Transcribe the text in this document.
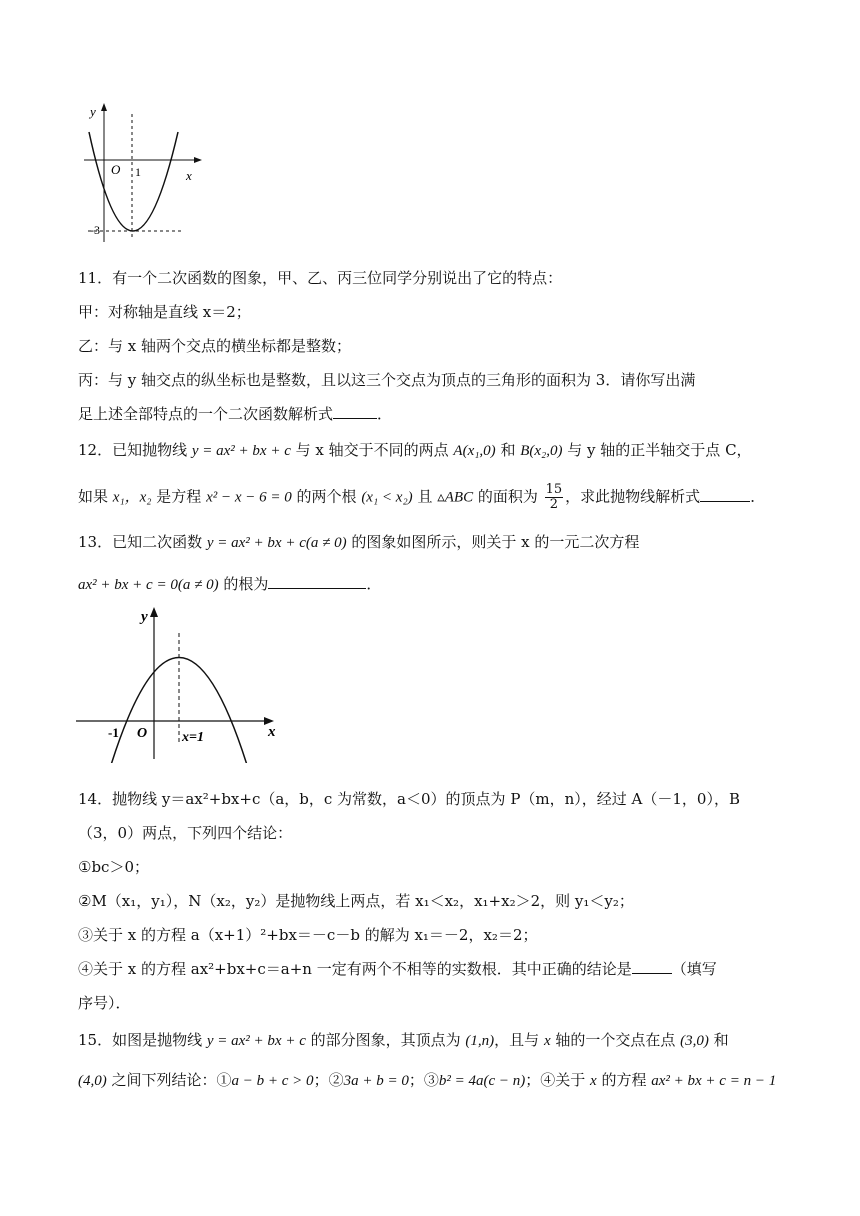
y
x
O 1
-3
11．有一个二次函数的图象，甲、乙、丙三位同学分别说出了它的特点：
甲：对称轴是直线 x＝2；
乙：与 x 轴两个交点的横坐标都是整数；
丙：与 y 轴交点的纵坐标也是整数，且以这三个交点为顶点的三角形的面积为 3．请你写出满
足上述全部特点的一个二次函数解析式	．
12．已知抛物线 y = ax² + bx + c 与 x 轴交于不同的两点 A(x₁,0) 和 B(x₂,0) 与 y 轴的正半轴交于点 C，
如果 x₁，x₂ 是方程 x² − x − 6 = 0 的两个根 (x₁ < x₂) 且 ▵ABC 的面积为 $\frac{15}{2}$ ，求此抛物线解析式	．
13．已知二次函数 y = ax² + bx + c(a ≠ 0) 的图象如图所示，则关于 x 的一元二次方程
ax² + bx + c = 0(a ≠ 0) 的根为	．
y
x
O
-1	x=1
14．抛物线 y＝ax²+bx+c（a，b，c 为常数，a＜0）的顶点为 P（m，n），经过 A（－1，0），B
（3，0）两点，下列四个结论：
①bc＞0；
②M（x₁，y₁），N（x₂，y₂）是抛物线上两点，若 x₁＜x₂，x₁+x₂＞2，则 y₁＜y₂；
③关于 x 的方程 a（x+1）²+bx＝－c－b 的解为 x₁＝－2，x₂＝2；
④关于 x 的方程 ax²+bx+c＝a+n 一定有两个不相等的实数根．其中正确的结论是	（填写
序号）．
15．如图是抛物线 y = ax² + bx + c 的部分图象，其顶点为 (1,n)，且与 x 轴的一个交点在点 (3,0) 和
(4,0) 之间下列结论：①a − b + c > 0；②3a + b = 0；③b² = 4a(c − n)；④关于 x 的方程 ax² + bx + c = n − 1
